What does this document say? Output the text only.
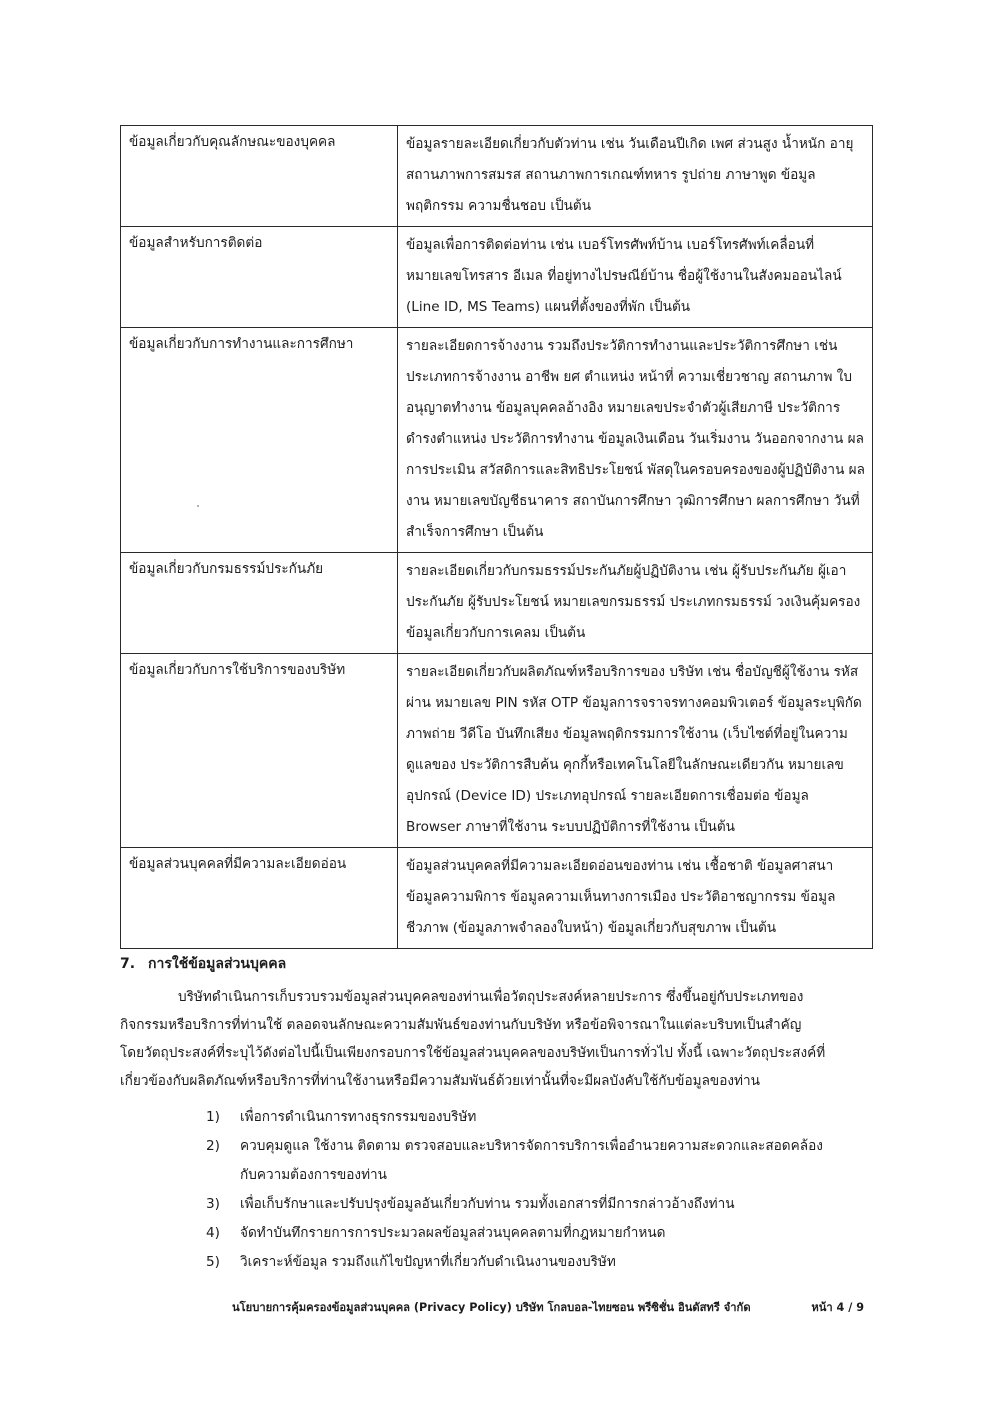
ข้อมูลเกี่ยวกับคุณลักษณะของบุคคล	ข้อมูลรายละเอียดเกี่ยวกับตัวท่าน เช่น วันเดือนปีเกิด เพศ ส่วนสูง น้ำหนัก อายุ สถานภาพการสมรส สถานภาพการเกณฑ์ทหาร รูปถ่าย ภาษาพูด ข้อมูลพฤติกรรม ความชื่นชอบ เป็นต้น
ข้อมูลสำหรับการติดต่อ	ข้อมูลเพื่อการติดต่อท่าน เช่น เบอร์โทรศัพท์บ้าน เบอร์โทรศัพท์เคลื่อนที่ หมายเลขโทรสาร อีเมล ที่อยู่ทางไปรษณีย์บ้าน ชื่อผู้ใช้งานในสังคมออนไลน์ (Line ID, MS Teams) แผนที่ตั้งของที่พัก เป็นต้น
ข้อมูลเกี่ยวกับการทำงานและการศึกษา	รายละเอียดการจ้างงาน รวมถึงประวัติการทำงานและประวัติการศึกษา เช่น ประเภทการจ้างงาน อาชีพ ยศ ตำแหน่ง หน้าที่ ความเชี่ยวชาญ สถานภาพ ใบอนุญาตทำงาน ข้อมูลบุคคลอ้างอิง หมายเลขประจำตัวผู้เสียภาษี ประวัติการดำรงตำแหน่ง ประวัติการทำงาน ข้อมูลเงินเดือน วันเริ่มงาน วันออกจากงาน ผลการประเมิน สวัสดิการและสิทธิประโยชน์ พัสดุในครอบครองของผู้ปฏิบัติงาน ผลงาน หมายเลขบัญชีธนาคาร สถาบันการศึกษา วุฒิการศึกษา ผลการศึกษา วันที่สำเร็จการศึกษา เป็นต้น
ข้อมูลเกี่ยวกับกรมธรรม์ประกันภัย	รายละเอียดเกี่ยวกับกรมธรรม์ประกันภัยผู้ปฏิบัติงาน เช่น ผู้รับประกันภัย ผู้เอาประกันภัย ผู้รับประโยชน์ หมายเลขกรมธรรม์ ประเภทกรมธรรม์ วงเงินคุ้มครอง ข้อมูลเกี่ยวกับการเคลม เป็นต้น
ข้อมูลเกี่ยวกับการใช้บริการของบริษัท	รายละเอียดเกี่ยวกับผลิตภัณฑ์หรือบริการของ บริษัท เช่น ชื่อบัญชีผู้ใช้งาน รหัสผ่าน หมายเลข PIN รหัส OTP ข้อมูลการจราจรทางคอมพิวเตอร์ ข้อมูลระบุพิกัด ภาพถ่าย วีดีโอ บันทึกเสียง ข้อมูลพฤติกรรมการใช้งาน (เว็บไซต์ที่อยู่ในความดูแลของ ประวัติการสืบค้น คุกกี้หรือเทคโนโลยีในลักษณะเดียวกัน หมายเลขอุปกรณ์ (Device ID) ประเภทอุปกรณ์ รายละเอียดการเชื่อมต่อ ข้อมูล Browser ภาษาที่ใช้งาน ระบบปฏิบัติการที่ใช้งาน เป็นต้น
ข้อมูลส่วนบุคคลที่มีความละเอียดอ่อน	ข้อมูลส่วนบุคคลที่มีความละเอียดอ่อนของท่าน เช่น เชื้อชาติ ข้อมูลศาสนา ข้อมูลความพิการ ข้อมูลความเห็นทางการเมือง ประวัติอาชญากรรม ข้อมูลชีวภาพ (ข้อมูลภาพจำลองใบหน้า) ข้อมูลเกี่ยวกับสุขภาพ เป็นต้น
7. การใช้ข้อมูลส่วนบุคคล

บริษัทดำเนินการเก็บรวบรวมข้อมูลส่วนบุคคลของท่านเพื่อวัตถุประสงค์หลายประการ ซึ่งขึ้นอยู่กับประเภทของ
กิจกรรมหรือบริการที่ท่านใช้ ตลอดจนลักษณะความสัมพันธ์ของท่านกับบริษัท หรือข้อพิจารณาในแต่ละบริบทเป็นสำคัญ
โดยวัตถุประสงค์ที่ระบุไว้ดังต่อไปนี้เป็นเพียงกรอบการใช้ข้อมูลส่วนบุคคลของบริษัทเป็นการทั่วไป ทั้งนี้ เฉพาะวัตถุประสงค์ที่
เกี่ยวข้องกับผลิตภัณฑ์หรือบริการที่ท่านใช้งานหรือมีความสัมพันธ์ด้วยเท่านั้นที่จะมีผลบังคับใช้กับข้อมูลของท่าน

1) เพื่อการดำเนินการทางธุรกรรมของบริษัท
2) ควบคุมดูแล ใช้งาน ติดตาม ตรวจสอบและบริหารจัดการบริการเพื่ออำนวยความสะดวกและสอดคล้อง
กับความต้องการของท่าน
3) เพื่อเก็บรักษาและปรับปรุงข้อมูลอันเกี่ยวกับท่าน รวมทั้งเอกสารที่มีการกล่าวอ้างถึงท่าน
4) จัดทำบันทึกรายการการประมวลผลข้อมูลส่วนบุคคลตามที่กฎหมายกำหนด
5) วิเคราะห์ข้อมูล รวมถึงแก้ไขปัญหาที่เกี่ยวกับดำเนินงานของบริษัท
นโยบายการคุ้มครองข้อมูลส่วนบุคคล (Privacy Policy) บริษัท โกลบอล-ไทยซอน พรีซิชั่น อินดัสทรี จำกัด	หน้า 4 / 9
